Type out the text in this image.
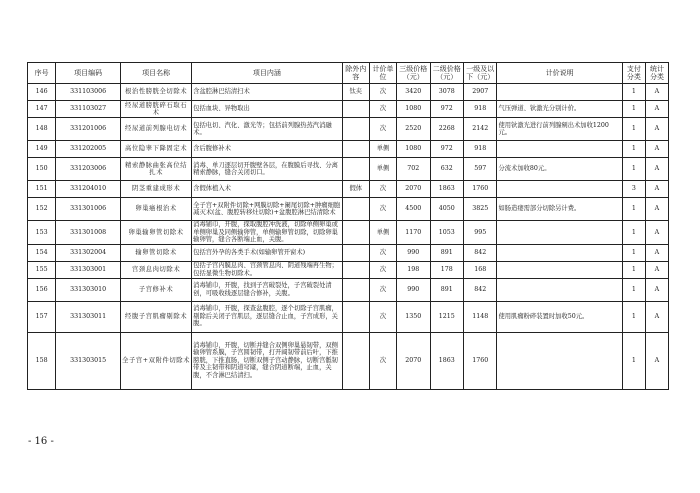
序号	项目编码	项目名称	项目内涵	除外内容	计价单位	三级价格（元）	二级价格（元）	一级及以下（元）	计价说明	支付分类	统计分类
146	331103006	根治性膀胱全切除术	含盆腔淋巴结清扫术	钛夹	次	3420	3078	2907		1	A
147	331103027	经尿道膀胱碎石取石术	包括血块、异物取出		次	1080	972	918	气压弹道、钬激光分别计价。	1	A
148	331201006	经尿道前列腺电切术	包括电切、汽化、激光等；包括前列腺热蒸汽消融术。		次	2520	2268	2142	使用钬激光进行前列腺剜出术加收1200元。	1	A
149	331202005	高位隐睾下降固定术	含后腹修补术		单侧	1080	972	918		1	A
150	331203006	精索静脉曲张高位结扎术	消毒、单刀逐层切开腹壁各层，在腹膜后寻找、分离精索静脉，缝合关闭切口。		单侧	702	632	597	分流术加收80元。	1	A
151	331204010	阴茎重建成形术	含假体植入术	假体	次	2070	1863	1760		3	A
152	331301006	卵巢癌根治术	全子宫+双附件切除+网膜切除+阑尾切除+肿瘤细胞减灭术(盆、腹腔转移灶切除)+盆腹腔淋巴结清除术		次	4500	4050	3825	如肠造瘘需部分切除另计费。	1	A
153	331301008	卵巢输卵管切除术	消毒铺巾，开腹，探取腹腔冲洗液，切除单侧卵巢或单侧卵巢及同侧输卵管，单侧输卵管切除，切除卵巢输卵管，缝合各断端止血，关腹。		单侧	1170	1053	995		1	A
154	331302004	输卵管切除术	包括宫外孕的各类手术(如输卵管开窗术)		次	990	891	842		1	A
155	331303001	宫颈息肉切除术	包括子宫内膜息肉、宫颈管息肉、阴道残端再生物；包括显微生物切除术。		次	198	178	168		1	A
156	331303010	子宫修补术	消毒铺巾，开腹，找到子宫破裂处，子宫破裂处清创，可吸收线逐层缝合修补，关腹。		次	990	891	842		1	A
157	331303011	经腹子宫肌瘤剔除术	消毒铺巾，开腹，探查盆腹腔，逐个切除子宫肌瘤，剔除后关闭子宫肌层，逐层缝合止血，子宫成形，关腹。		次	1350	1215	1148	使用肌瘤粉碎装置时加收50元。	1	A
158	331303015	全子宫+双附件切除术	消毒铺巾，开腹，切断并缝合双侧卵巢悬韧带，双侧输卵管系膜，子宫圆韧带，打开阔韧带前后叶，下推膀胱，下推直肠，切断双侧子宫动静脉，切断宫骶韧带及主韧带和阴道穹窿，缝合阴道断端，止血，关腹，不含淋巴结清扫。		次	2070	1863	1760		1	A
- 16 -
